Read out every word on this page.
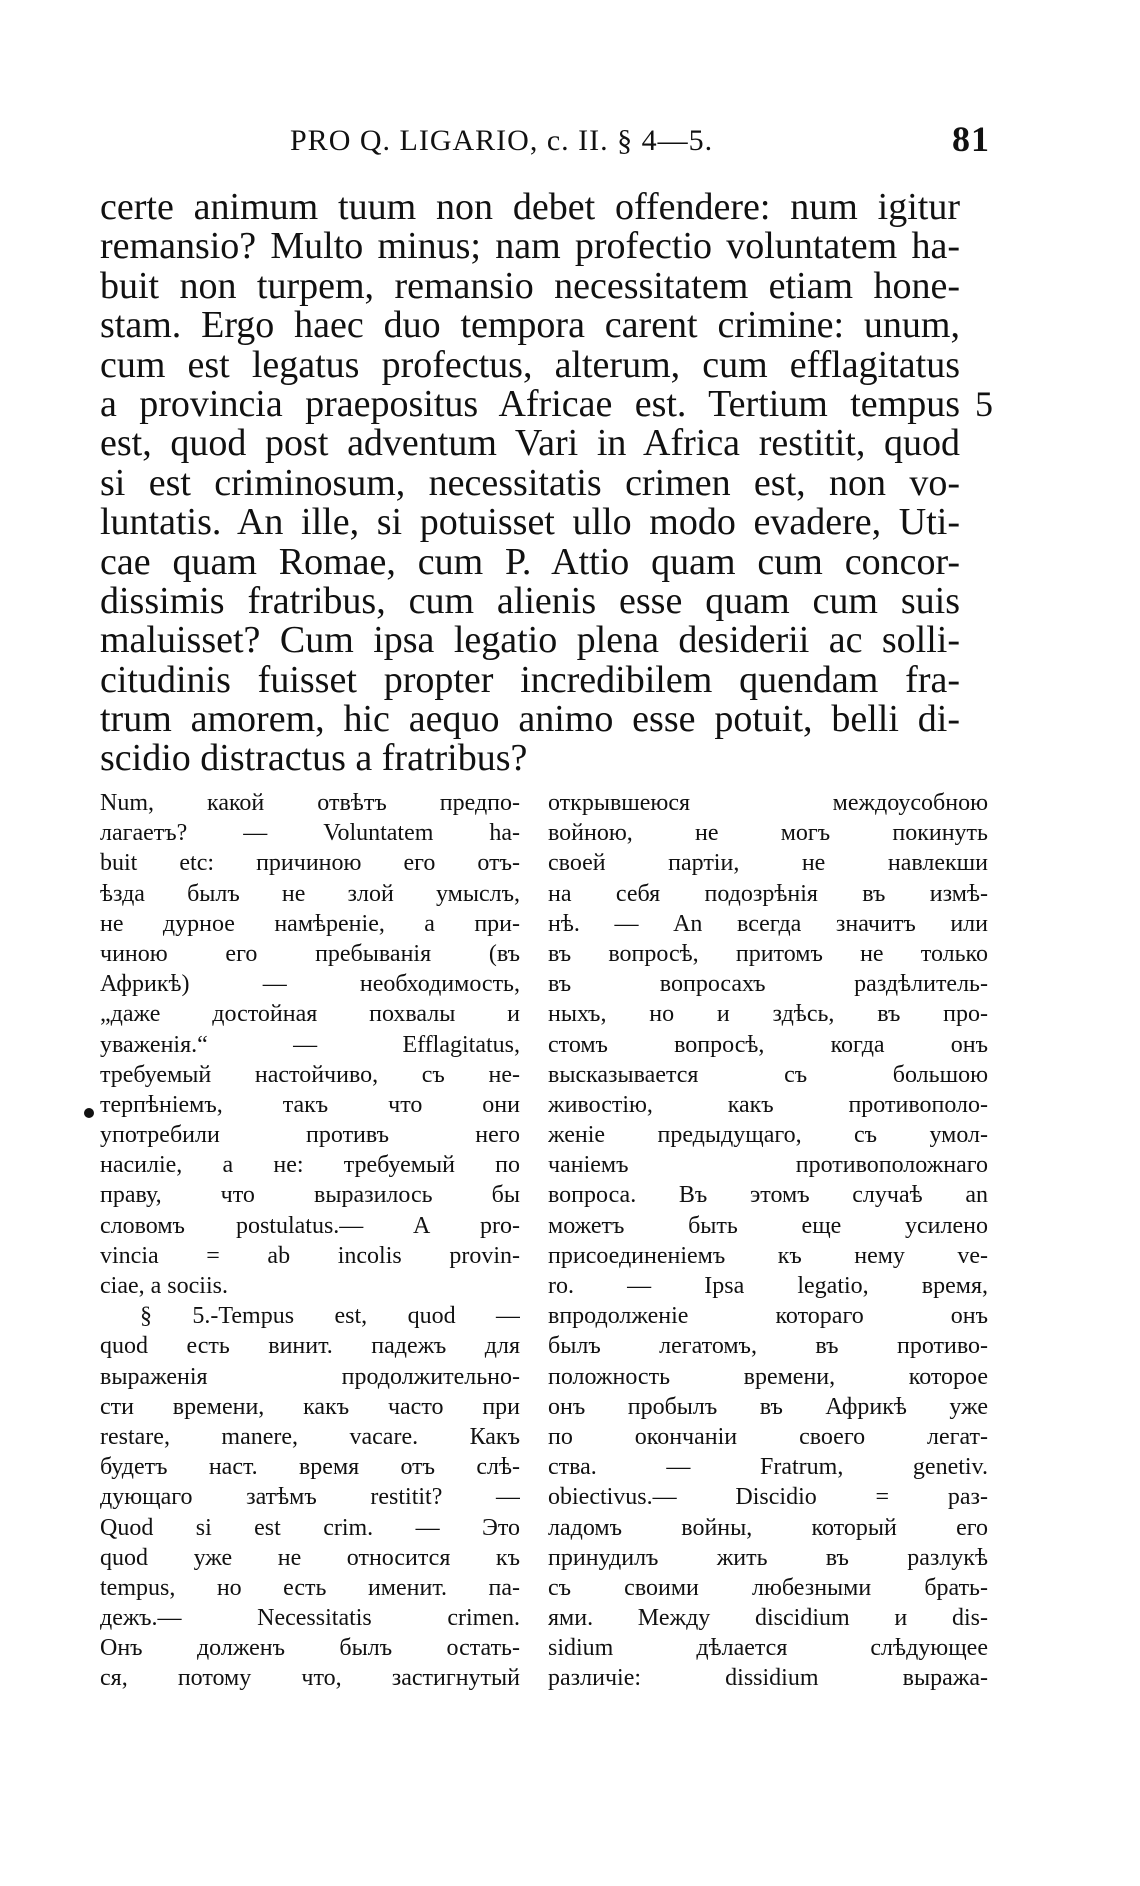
PRO Q. LIGARIO, c. II. § 4—5.	81
certe animum tuum non debet offendere: num igitur
remansio? Multo minus; nam profectio voluntatem ha-
buit non turpem, remansio necessitatem etiam hone-
stam. Ergo haec duo tempora carent crimine: unum,
cum est legatus profectus, alterum, cum efflagitatus
a provincia praepositus Africae est. Tertium tempus
est, quod post adventum Vari in Africa restitit, quod
si est criminosum, necessitatis crimen est, non vo-
luntatis. An ille, si potuisset ullo modo evadere, Uti-
cae quam Romae, cum P. Attio quam cum concor-
dissimis fratribus, cum alienis esse quam cum suis
maluisset? Cum ipsa legatio plena desiderii ac solli-
citudinis fuisset propter incredibilem quendam fra-
trum amorem, hic aequo animo esse potuit, belli di-
scidio distractus a fratribus?
5
Num, какой отвѣтъ предпо-
лагаетъ? — Voluntatem ha-
buit etc: причиною его отъ-
ѣзда былъ не злой умыслъ,
не дурное намѣреніе, а при-
чиною его пребыванія (въ
Африкѣ) — необходимость,
„даже достойная похвалы и
уваженія.“ — Efflagitatus,
требуемый настойчиво, съ не-
терпѣніемъ, такъ что они
употребили противъ него
насиліе, а не: требуемый по
праву, что выразилось бы
словомъ postulatus.— A pro-
vincia = ab incolis provin-
ciae, a sociis.
§ 5.-Tempus est, quod —
quod есть винит. падежъ для
выраженія продолжительно-
сти времени, какъ часто при
restare, manere, vacare. Какъ
будетъ наст. время отъ слѣ-
дующаго затѣмъ restitit? —
Quod si est crim. — Это
quod уже не относится къ
tempus, но есть именит. па-
дежъ.— Necessitatis crimen.
Онъ долженъ былъ остать-
ся, потому что, застигнутый
открывшеюся междоусобною
войною, не могъ покинуть
своей партіи, не навлекши
на себя подозрѣнія въ измѣ-
нѣ. — An всегда значитъ или
въ вопросѣ, притомъ не только
въ вопросахъ раздѣлитель-
ныхъ, но и здѣсь, въ про-
стомъ вопросѣ, когда онъ
высказывается съ большою
живостію, какъ противополо-
женіе предыдущаго, съ умол-
чаніемъ противоположнаго
вопроса. Въ этомъ случаѣ an
можетъ быть еще усилено
присоединеніемъ къ нему ve-
ro. — Ipsa legatio, время,
впродолженіе котораго онъ
былъ легатомъ, въ противо-
положность времени, которое
онъ пробылъ въ Африкѣ уже
по окончаніи своего легат-
ства. — Fratrum, genetiv.
obiectivus.— Discidio = раз-
ладомъ войны, который его
принудилъ жить въ разлукѣ
съ своими любезными брать-
ями. Между discidium и dis-
sidium дѣлается слѣдующее
различіе: dissidium выража-
